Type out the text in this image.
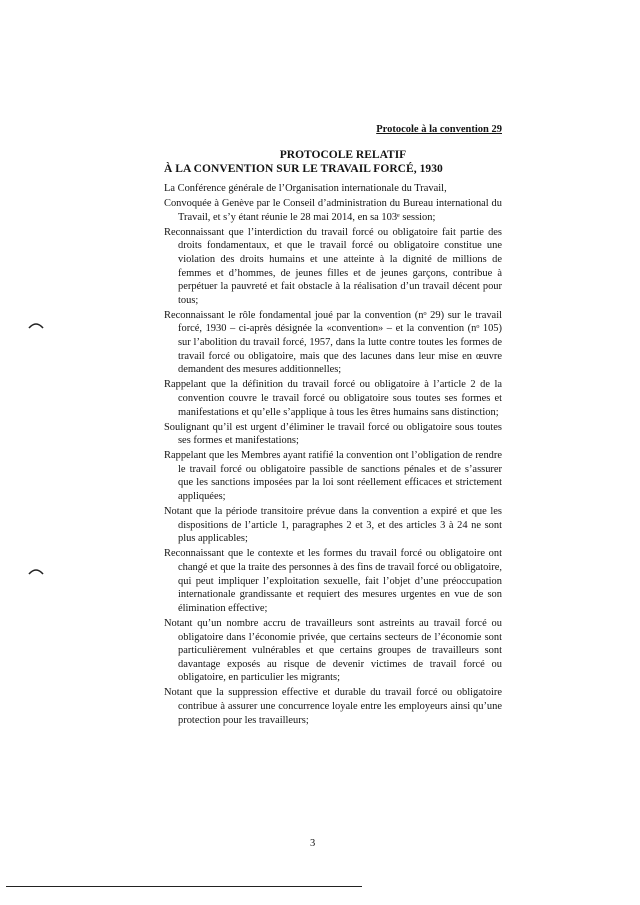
Protocole à la convention 29
PROTOCOLE RELATIF
À LA CONVENTION SUR LE TRAVAIL FORCÉ, 1930

La Conférence générale de l’Organisation internationale du Travail,

Convoquée à Genève par le Conseil d’administration du Bureau international du Travail, et s’y étant réunie le 28 mai 2014, en sa 103ᵉ session;

Reconnaissant que l’interdiction du travail forcé ou obligatoire fait partie des droits fondamentaux, et que le travail forcé ou obligatoire constitue une violation des droits humains et une atteinte à la dignité de millions de femmes et d’hommes, de jeunes filles et de jeunes garçons, contribue à perpétuer la pauvreté et fait obstacle à la réalisation d’un travail décent pour tous;

Reconnaissant le rôle fondamental joué par la convention (nᵒ 29) sur le travail forcé, 1930 – ci-après désignée la «convention» – et la convention (nᵒ 105) sur l’abolition du travail forcé, 1957, dans la lutte contre toutes les formes de travail forcé ou obligatoire, mais que des lacunes dans leur mise en œuvre demandent des mesures additionnelles;

Rappelant que la définition du travail forcé ou obligatoire à l’article 2 de la convention couvre le travail forcé ou obligatoire sous toutes ses formes et manifestations et qu’elle s’applique à tous les êtres humains sans distinction;

Soulignant qu’il est urgent d’éliminer le travail forcé ou obligatoire sous toutes ses formes et manifestations;

Rappelant que les Membres ayant ratifié la convention ont l’obligation de rendre le travail forcé ou obligatoire passible de sanctions pénales et de s’assurer que les sanctions imposées par la loi sont réellement efficaces et strictement appliquées;

Notant que la période transitoire prévue dans la convention a expiré et que les dispositions de l’article 1, paragraphes 2 et 3, et des articles 3 à 24 ne sont plus applicables;

Reconnaissant que le contexte et les formes du travail forcé ou obligatoire ont changé et que la traite des personnes à des fins de travail forcé ou obligatoire, qui peut impliquer l’exploitation sexuelle, fait l’objet d’une préoccupation internationale grandissante et requiert des mesures urgentes en vue de son élimination effective;

Notant qu’un nombre accru de travailleurs sont astreints au travail forcé ou obligatoire dans l’économie privée, que certains secteurs de l’économie sont particulièrement vulnérables et que certains groupes de travailleurs sont davantage exposés au risque de devenir victimes de travail forcé ou obligatoire, en particulier les migrants;

Notant que la suppression effective et durable du travail forcé ou obligatoire contribue à assurer une concurrence loyale entre les employeurs ainsi qu’une protection pour les travailleurs;

3
